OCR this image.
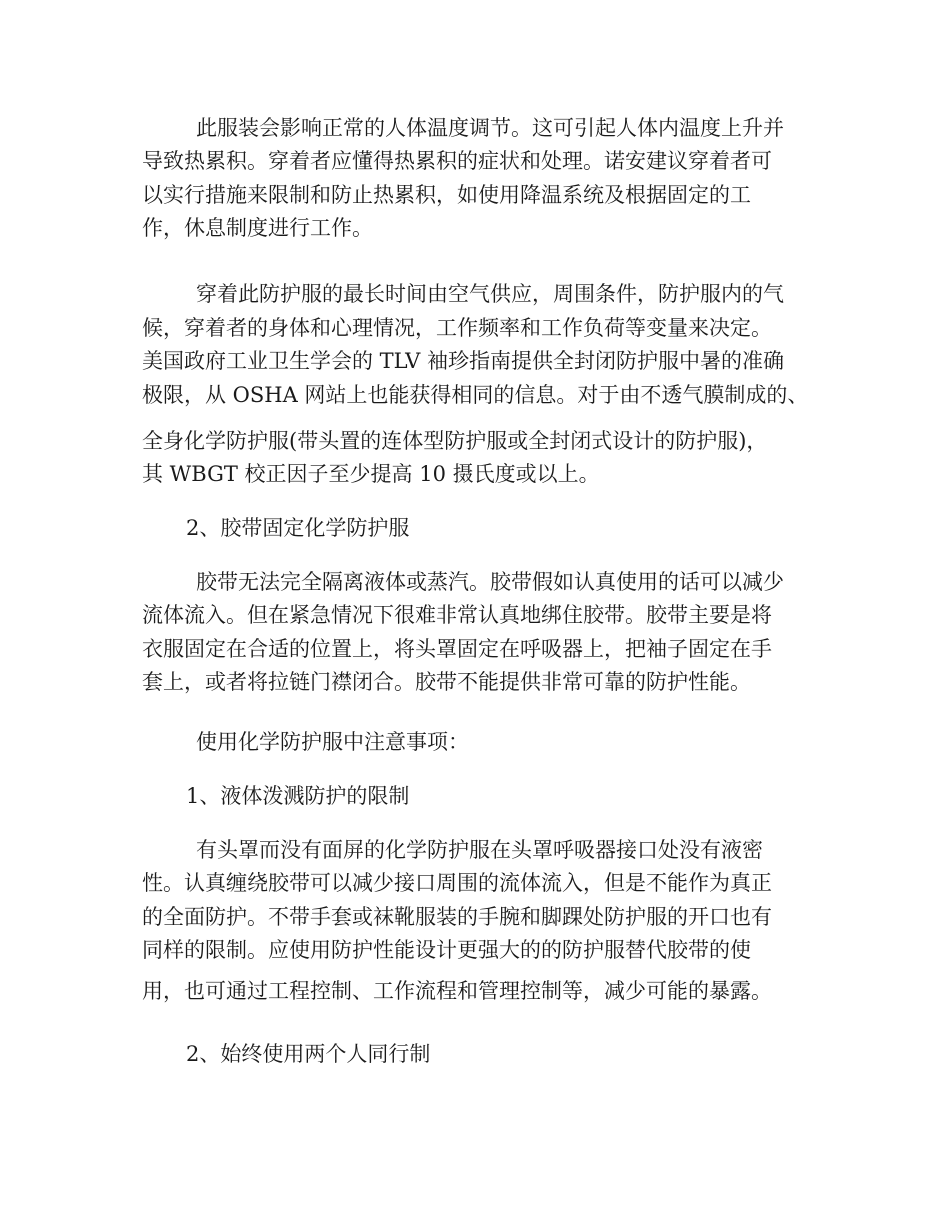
此服装会影响正常的人体温度调节。这可引起人体内温度上升并
导致热累积。穿着者应懂得热累积的症状和处理。诺安建议穿着者可
以实行措施来限制和防止热累积，如使用降温系统及根据固定的工
作，休息制度进行工作。
穿着此防护服的最长时间由空气供应，周围条件，防护服内的气
候，穿着者的身体和心理情况，工作频率和工作负荷等变量来决定。
美国政府工业卫生学会的 TLV 袖珍指南提供全封闭防护服中暑的准确
极限，从 OSHA 网站上也能获得相同的信息。对于由不透气膜制成的、
全身化学防护服(带头置的连体型防护服或全封闭式设计的防护服)，
其 WBGT 校正因子至少提高 10 摄氏度或以上。
2、胶带固定化学防护服
胶带无法完全隔离液体或蒸汽。胶带假如认真使用的话可以减少
流体流入。但在紧急情况下很难非常认真地绑住胶带。胶带主要是将
衣服固定在合适的位置上，将头罩固定在呼吸器上，把袖子固定在手
套上，或者将拉链门襟闭合。胶带不能提供非常可靠的防护性能。
使用化学防护服中注意事项：
1、液体泼溅防护的限制
有头罩而没有面屏的化学防护服在头罩呼吸器接口处没有液密
性。认真缠绕胶带可以减少接口周围的流体流入，但是不能作为真正
的全面防护。不带手套或袜靴服装的手腕和脚踝处防护服的开口也有
同样的限制。应使用防护性能设计更强大的的防护服替代胶带的使
用，也可通过工程控制、工作流程和管理控制等，减少可能的暴露。
2、始终使用两个人同行制
